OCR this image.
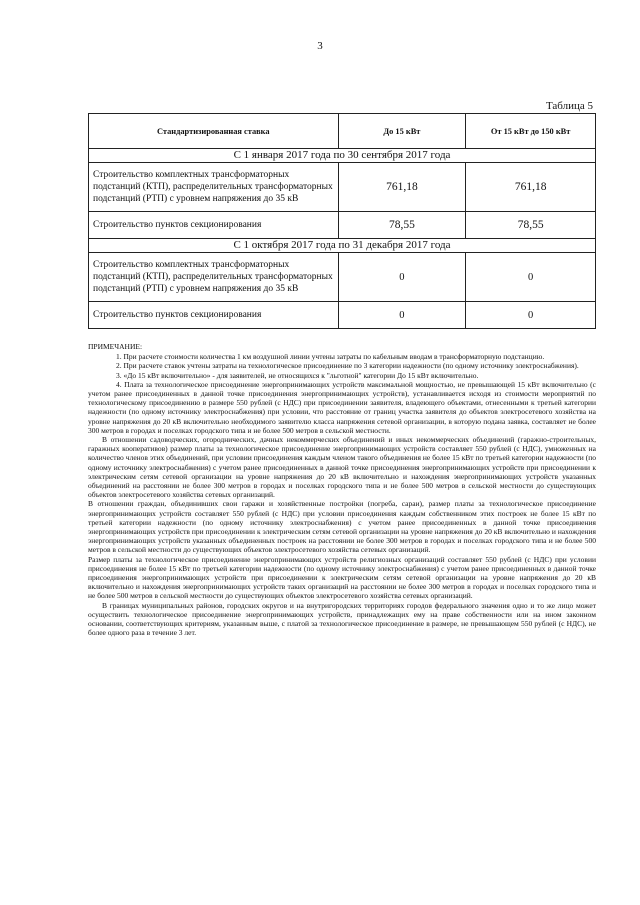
3
Таблица 5
Стандартизированная ставка	До 15 кВт	От 15 кВт до 150 кВт
С 1 января 2017 года по 30 сентября 2017 года		
Строительство комплектных трансформаторных подстанций (КТП), распределительных трансформаторных подстанций (РТП) с уровнем напряжения до 35 кВ	761,18	761,18
Строительство пунктов секционирования	78,55	78,55
С 1 октября 2017 года по 31 декабря 2017 года		
Строительство комплектных трансформаторных подстанций (КТП), распределительных трансформаторных подстанций (РТП) с уровнем напряжения до 35 кВ	0	0
Строительство пунктов секционирования	0	0

ПРИМЕЧАНИЕ:

1. При расчете стоимости количества 1 км воздушной линии учтены затраты по кабельным вводам в трансформаторную подстанцию.

2. При расчете ставок учтены затраты на технологическое присоединение по 3 категории надежности (по одному источнику электроснабжения).

3. «До 15 кВт включительно» - для заявителей, не относящихся к "льготной" категории До 15 кВт включительно.

4. Плата за технологическое присоединение энергопринимающих устройств максимальной мощностью, не превышающей 15 кВт включительно (с учетом ранее присоединенных в данной точке присоединения энергопринимающих устройств), устанавливается исходя из стоимости мероприятий по технологическому присоединению в размере 550 рублей (с НДС) при присоединении заявителя, владеющего объектами, отнесенными к третьей категории надежности (по одному источнику электроснабжения) при условии, что расстояние от границ участка заявителя до объектов электросетевого хозяйства на уровне напряжения до 20 кВ включительно необходимого заявителю класса напряжения сетевой организации, в которую подана заявка, составляет не более 300 метров в городах и поселках городского типа и не более 500 метров в сельской местности.

В отношении садоводческих, огороднических, дачных некоммерческих объединений и иных некоммерческих объединений (гаражно-строительных, гаражных кооперативов) размер платы за технологическое присоединение энергопринимающих устройств составляет 550 рублей (с НДС), умноженных на количество членов этих объединений, при условии присоединения каждым членом такого объединения не более 15 кВт по третьей категории надежности (по одному источнику электроснабжения) с учетом ранее присоединенных в данной точке присоединения энергопринимающих устройств при присоединении к электрическим сетям сетевой организации на уровне напряжения до 20 кВ включительно и нахождения энергопринимающих устройств указанных объединений на расстоянии не более 300 метров в городах и поселках городского типа и не более 500 метров в сельской местности до существующих объектов электросетевого хозяйства сетевых организаций.

В отношении граждан, объединивших свои гаражи и хозяйственные постройки (погреба, сараи), размер платы за технологическое присоединение энергопринимающих устройств составляет 550 рублей (с НДС) при условии присоединения каждым собственником этих построек не более 15 кВт по третьей категории надежности (по одному источнику электроснабжения) с учетом ранее присоединенных в данной точке присоединения энергопринимающих устройств при присоединении к электрическим сетям сетевой организации на уровне напряжения до 20 кВ включительно и нахождения энергопринимающих устройств указанных объединенных построек на расстоянии не более 300 метров в городах и поселках городского типа и не более 500 метров в сельской местности до существующих объектов электросетевого хозяйства сетевых организаций.

Размер платы за технологическое присоединение энергопринимающих устройств религиозных организаций составляет 550 рублей (с НДС) при условии присоединения не более 15 кВт по третьей категории надежности (по одному источнику электроснабжения) с учетом ранее присоединенных в данной точке присоединения энергопринимающих устройств при присоединении к электрическим сетям сетевой организации на уровне напряжения до 20 кВ включительно и нахождения энергопринимающих устройств таких организаций на расстоянии не более 300 метров в городах и поселках городского типа и не более 500 метров в сельской местности до существующих объектов электросетевого хозяйства сетевых организаций.

В границах муниципальных районов, городских округов и на внутригородских территориях городов федерального значения одно и то же лицо может осуществить технологическое присоединение энергопринимающих устройств, принадлежащих ему на праве собственности или на ином законном основании, соответствующих критериям, указанным выше, с платой за технологическое присоединение в размере, не превышающем 550 рублей (с НДС), не более одного раза в течение 3 лет.
